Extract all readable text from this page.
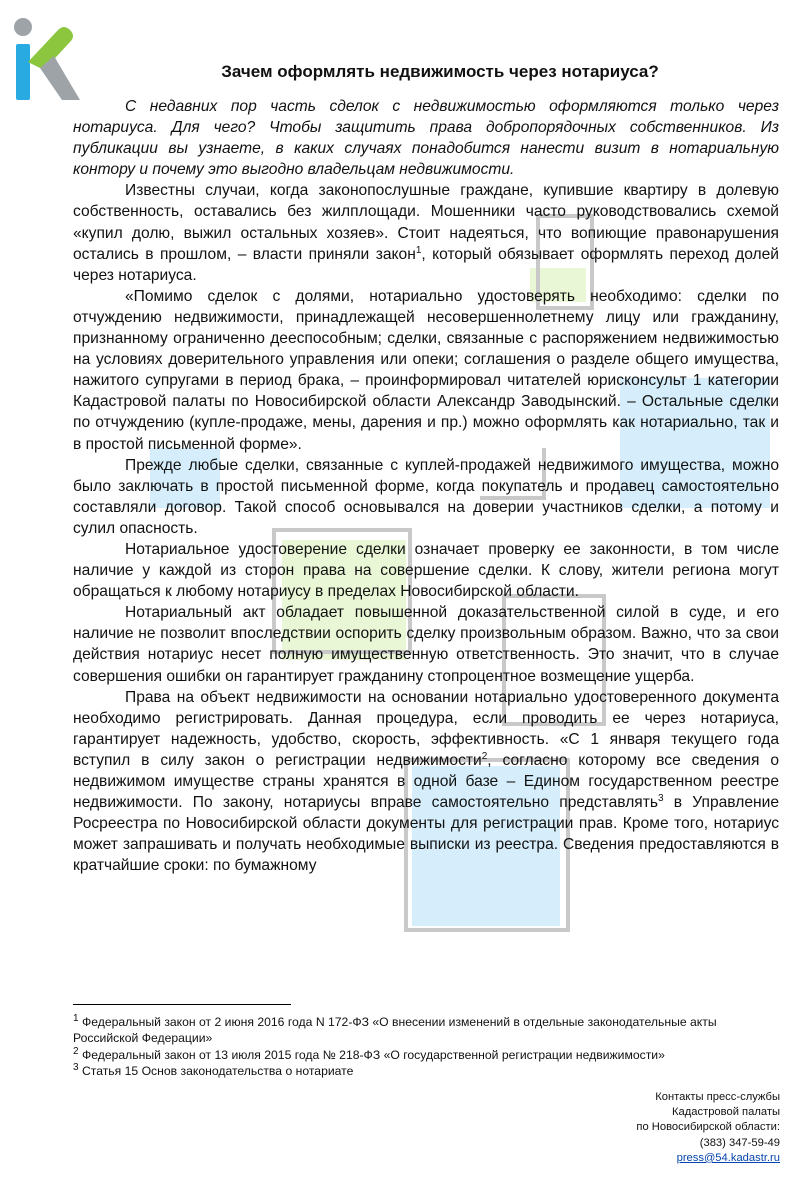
Зачем оформлять недвижимость через нотариуса?

С недавних пор часть сделок с недвижимостью оформляются только через нотариуса. Для чего? Чтобы защитить права добропорядочных собственников. Из публикации вы узнаете, в каких случаях понадобится нанести визит в нотариальную контору и почему это выгодно владельцам недвижимости.

Известны случаи, когда законопослушные граждане, купившие квартиру в долевую собственность, оставались без жилплощади. Мошенники часто руководствовались схемой «купил долю, выжил остальных хозяев». Стоит надеяться, что вопиющие правонарушения остались в прошлом, – власти приняли закон$^1$, который обязывает оформлять переход долей через нотариуса.

«Помимо сделок с долями, нотариально удостоверять необходимо: сделки по отчуждению недвижимости, принадлежащей несовершеннолетнему лицу или гражданину, признанному ограниченно дееспособным; сделки, связанные с распоряжением недвижимостью на условиях доверительного управления или опеки; соглашения о разделе общего имущества, нажитого супругами в период брака, – проинформировал читателей юрисконсульт 1 категории Кадастровой палаты по Новосибирской области Александр Заводынский. – Остальные сделки по отчуждению (купле-продаже, мены, дарения и пр.) можно оформлять как нотариально, так и в простой письменной форме».

Прежде любые сделки, связанные с куплей-продажей недвижимого имущества, можно было заключать в простой письменной форме, когда покупатель и продавец самостоятельно составляли договор. Такой способ основывался на доверии участников сделки, а потому и сулил опасность.

Нотариальное удостоверение сделки означает проверку ее законности, в том числе наличие у каждой из сторон права на совершение сделки. К слову, жители региона могут обращаться к любому нотариусу в пределах Новосибирской области.

Нотариальный акт обладает повышенной доказательственной силой в суде, и его наличие не позволит впоследствии оспорить сделку произвольным образом. Важно, что за свои действия нотариус несет полную имущественную ответственность. Это значит, что в случае совершения ошибки он гарантирует гражданину стопроцентное возмещение ущерба.

Права на объект недвижимости на основании нотариально удостоверенного документа необходимо регистрировать. Данная процедура, если проводить ее через нотариуса, гарантирует надежность, удобство, скорость, эффективность. «С 1 января текущего года вступил в силу закон о регистрации недвижимости$^2$, согласно которому все сведения о недвижимом имуществе страны хранятся в одной базе – Едином государственном реестре недвижимости. По закону, нотариусы вправе самостоятельно представлять$^3$ в Управление Росреестра по Новосибирской области документы для регистрации прав. Кроме того, нотариус может запрашивать и получать необходимые выписки из реестра. Сведения предоставляются в кратчайшие сроки: по бумажному

$^1$ Федеральный закон от 2 июня 2016 года N 172-ФЗ «О внесении изменений в отдельные законодательные акты Российской Федерации»
$^2$ Федеральный закон от 13 июля 2015 года № 218-ФЗ «О государственной регистрации недвижимости»
$^3$ Статья 15 Основ законодательства о нотариате
Контакты пресс-службы
Кадастровой палаты
по Новосибирской области:
(383) 347-59-49
press@54.kadastr.ru
